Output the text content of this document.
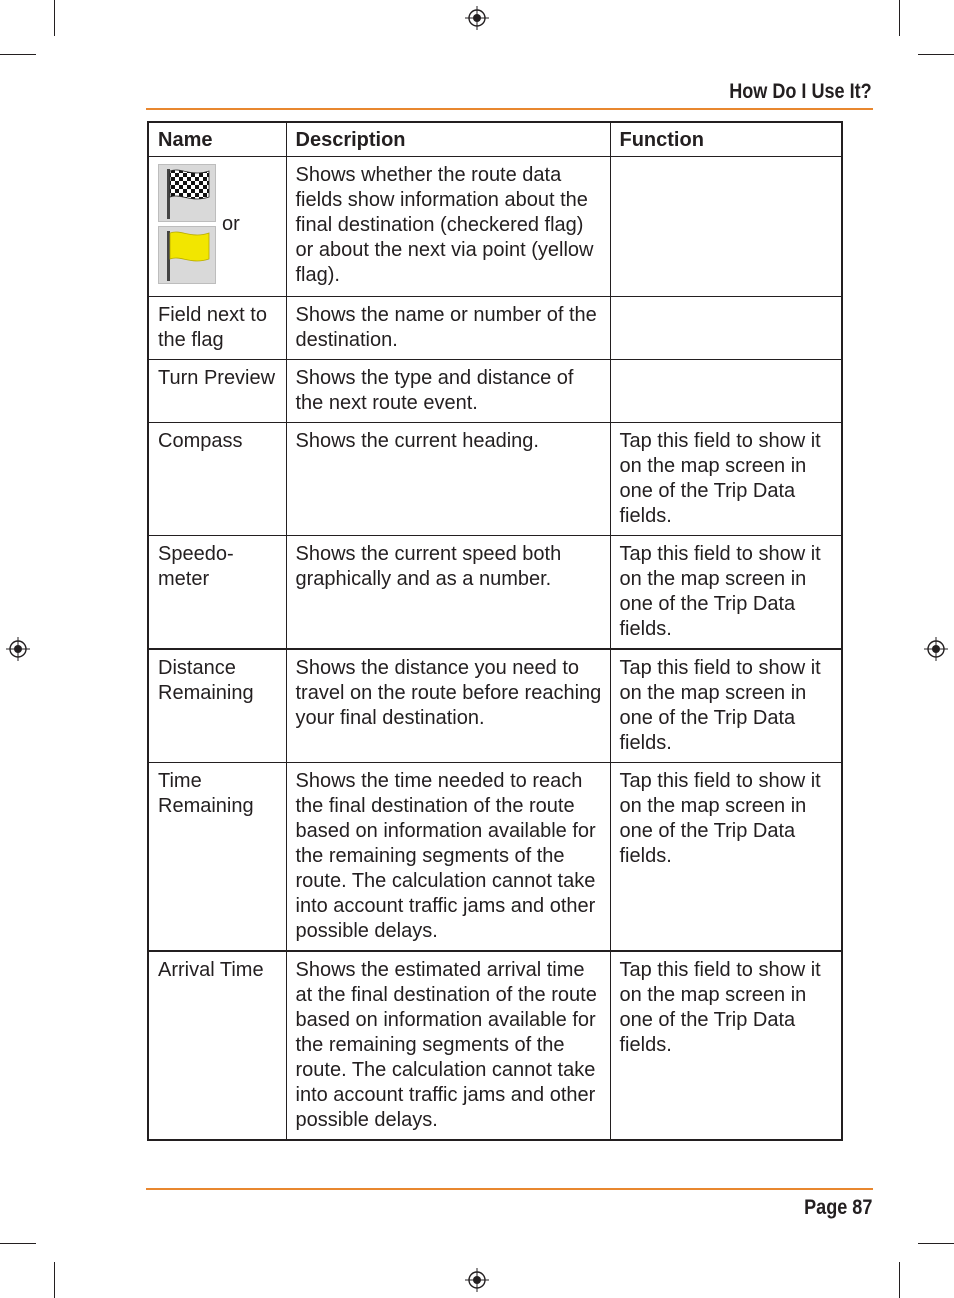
How Do I Use It?
Name	Description	Function

or	Shows whether the route data fields show information about the final destination (checkered flag) or about the next via point (yellow flag).	
Field next to the flag	Shows the name or number of the destination.	
Turn Preview	Shows the type and distance of the next route event.	
Compass	Shows the current heading.	Tap this field to show it on the map screen in one of the Trip Data fields.
Speedo-meter	Shows the current speed both graphically and as a number.	Tap this field to show it on the map screen in one of the Trip Data fields.
Distance Remaining	Shows the distance you need to travel on the route before reaching your final destination.	Tap this field to show it on the map screen in one of the Trip Data fields.
Time Remaining	Shows the time needed to reach the final destination of the route based on information available for the remaining segments of the route. The calculation cannot take into account traffic jams and other possible delays.	Tap this field to show it on the map screen in one of the Trip Data fields.
Arrival Time	Shows the estimated arrival time at the final destination of the route based on information available for the remaining segments of the route. The calculation cannot take into account traffic jams and other possible delays.	Tap this field to show it on the map screen in one of the Trip Data fields.
Page 87
